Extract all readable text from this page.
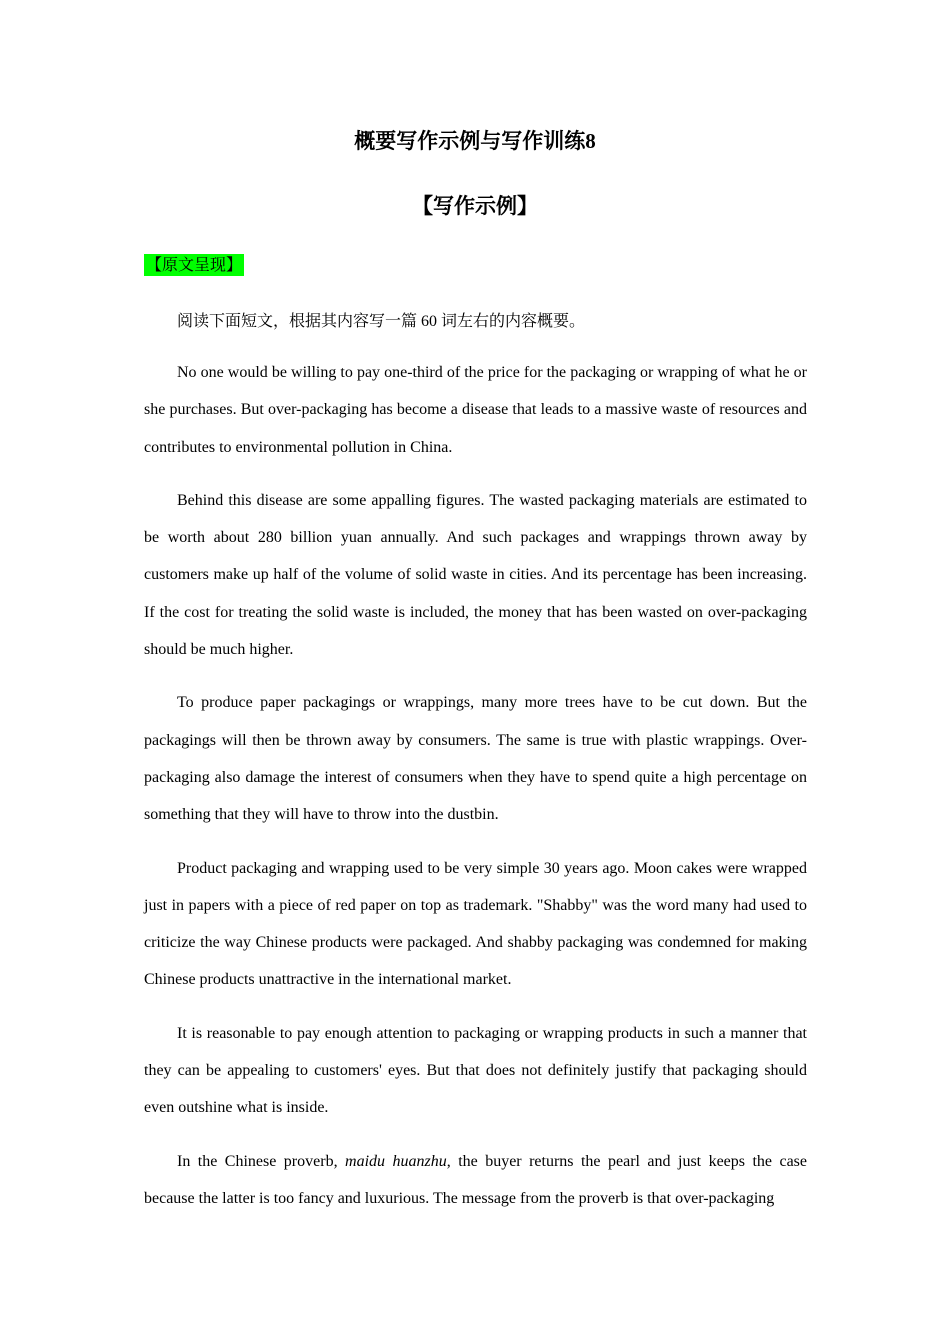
概要写作示例与写作训练8
【写作示例】
【原文呈现】

阅读下面短文，根据其内容写一篇 60 词左右的内容概要。

No one would be willing to pay one-third of the price for the packaging or wrapping of what he or she purchases. But over-packaging has become a disease that leads to a massive waste of resources and contributes to environmental pollution in China.

Behind this disease are some appalling figures. The wasted packaging materials are estimated to be worth about 280 billion yuan annually. And such packages and wrappings thrown away by customers make up half of the volume of solid waste in cities. And its percentage has been increasing. If the cost for treating the solid waste is included, the money that has been wasted on over-packaging should be much higher.

To produce paper packagings or wrappings, many more trees have to be cut down. But the packagings will then be thrown away by consumers. The same is true with plastic wrappings. Over-packaging also damage the interest of consumers when they have to spend quite a high percentage on something that they will have to throw into the dustbin.

Product packaging and wrapping used to be very simple 30 years ago. Moon cakes were wrapped just in papers with a piece of red paper on top as trademark. "Shabby" was the word many had used to criticize the way Chinese products were packaged. And shabby packaging was condemned for making Chinese products unattractive in the international market.

It is reasonable to pay enough attention to packaging or wrapping products in such a manner that they can be appealing to customers' eyes. But that does not definitely justify that packaging should even outshine what is inside.

In the Chinese proverb, maidu huanzhu, the buyer returns the pearl and just keeps the case because the latter is too fancy and luxurious. The message from the proverb is that over-packaging
